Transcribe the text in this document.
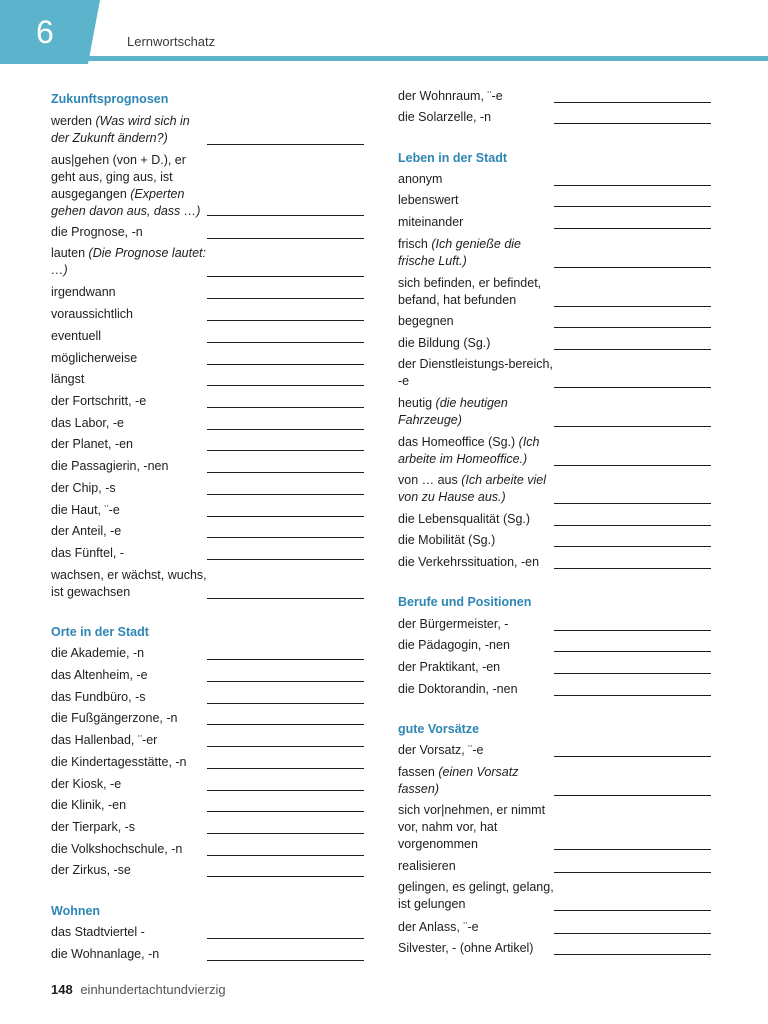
6	Lernwortschatz
Zukunftsprognosen
werden (Was wird sich in der Zukunft ändern?)
aus|gehen (von + D.), er geht aus, ging aus, ist ausgegangen (Experten gehen davon aus, dass …)
die Prognose, -n
lauten (Die Prognose lautet: …)
irgendwann
voraussichtlich
eventuell
möglicherweise
längst
der Fortschritt, -e
das Labor, -e
der Planet, -en
die Passagierin, -nen
der Chip, -s
die Haut, ¨-e
der Anteil, -e
das Fünftel, -
wachsen, er wächst, wuchs, ist gewachsen
Orte in der Stadt
die Akademie, -n
das Altenheim, -e
das Fundbüro, -s
die Fußgängerzone, -n
das Hallenbad, ¨-er
die Kindertagesstätte, -n
der Kiosk, -e
die Klinik, -en
der Tierpark, -s
die Volkshochschule, -n
der Zirkus, -se
Wohnen
das Stadtviertel -
die Wohnanlage, -n
der Wohnraum, ¨-e
die Solarzelle, -n
Leben in der Stadt
anonym
lebenswert
miteinander
frisch (Ich genieße die frische Luft.)
sich befinden, er befindet, befand, hat befunden
begegnen
die Bildung (Sg.)
der Dienstleistungs-bereich, -e
heutig (die heutigen Fahrzeuge)
das Homeoffice (Sg.) (Ich arbeite im Homeoffice.)
von … aus (Ich arbeite viel von zu Hause aus.)
die Lebensqualität (Sg.)
die Mobilität (Sg.)
die Verkehrssituation, -en
Berufe und Positionen
der Bürgermeister, -
die Pädagogin, -nen
der Praktikant, -en
die Doktorandin, -nen
gute Vorsätze
der Vorsatz, ¨-e
fassen (einen Vorsatz fassen)
sich vor|nehmen, er nimmt vor, nahm vor, hat vorgenommen
realisieren
gelingen, es gelingt, gelang, ist gelungen
der Anlass, ¨-e
Silvester, - (ohne Artikel)
148 einhundertachtundvierzig
